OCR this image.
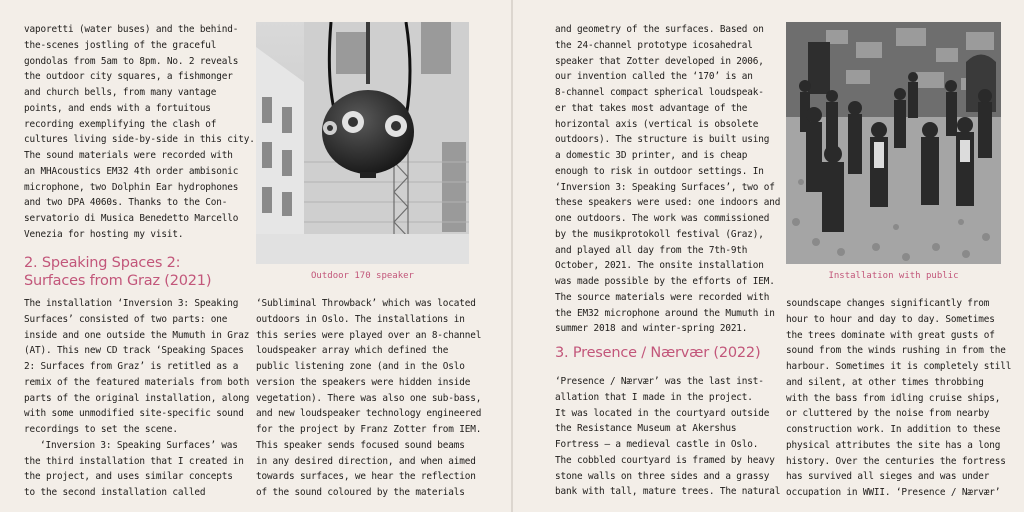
vaporetti (water buses) and the behind-
the-scenes jostling of the graceful
gondolas from 5am to 8pm. No. 2 reveals
the outdoor city squares, a fishmonger
and church bells, from many vantage
points, and ends with a fortuitous
recording exemplifying the clash of
cultures living side-by-side in this city.
The sound materials were recorded with
an MHAcoustics EM32 4th order ambisonic
microphone, two Dolphin Ear hydrophones
and two DPA 4060s. Thanks to the Con-
servatorio di Musica Benedetto Marcello
Venezia for hosting my visit.
2. Speaking Spaces 2:
Surfaces from Graz (2021)
The installation ‘Inversion 3: Speaking
Surfaces’ consisted of two parts: one
inside and one outside the Mumuth in Graz
(AT). This new CD track ‘Speaking Spaces
2: Surfaces from Graz’ is retitled as a
remix of the featured materials from both
parts of the original installation, along
with some unmodified site-specific sound
recordings to set the scene.
‘Inversion 3: Speaking Surfaces’ was
the third installation that I created in
the project, and uses similar concepts
to the second installation called
Outdoor 170 speaker
‘Subliminal Throwback’ which was located
outdoors in Oslo. The installations in
this series were played over an 8-channel
loudspeaker array which defined the
public listening zone (and in the Oslo
version the speakers were hidden inside
vegetation). There was also one sub-bass,
and new loudspeaker technology engineered
for the project by Franz Zotter from IEM.
This speaker sends focused sound beams
in any desired direction, and when aimed
towards surfaces, we hear the reflection
of the sound coloured by the materials
and geometry of the surfaces. Based on
the 24-channel prototype icosahedral
speaker that Zotter developed in 2006,
our invention called the ‘170’ is an
8-channel compact spherical loudspeak-
er that takes most advantage of the
horizontal axis (vertical is obsolete
outdoors). The structure is built using
a domestic 3D printer, and is cheap
enough to risk in outdoor settings. In
‘Inversion 3: Speaking Surfaces’, two of
these speakers were used: one indoors and
one outdoors. The work was commissioned
by the musikprotokoll festival (Graz),
and played all day from the 7th-9th
October, 2021. The onsite installation
was made possible by the efforts of IEM.
The source materials were recorded with
the EM32 microphone around the Mumuth in
summer 2018 and winter-spring 2021.
3. Presence / Nærvær (2022)
‘Presence / Nærvær’ was the last inst-
allation that I made in the project.
It was located in the courtyard outside
the Resistance Museum at Akershus
Fortress – a medieval castle in Oslo.
The cobbled courtyard is framed by heavy
stone walls on three sides and a grassy
bank with tall, mature trees. The natural
Installation with public
soundscape changes significantly from
hour to hour and day to day. Sometimes
the trees dominate with great gusts of
sound from the winds rushing in from the
harbour. Sometimes it is completely still
and silent, at other times throbbing
with the bass from idling cruise ships,
or cluttered by the noise from nearby
construction work. In addition to these
physical attributes the site has a long
history. Over the centuries the fortress
has survived all sieges and was under
occupation in WWII. ‘Presence / Nærvær’
